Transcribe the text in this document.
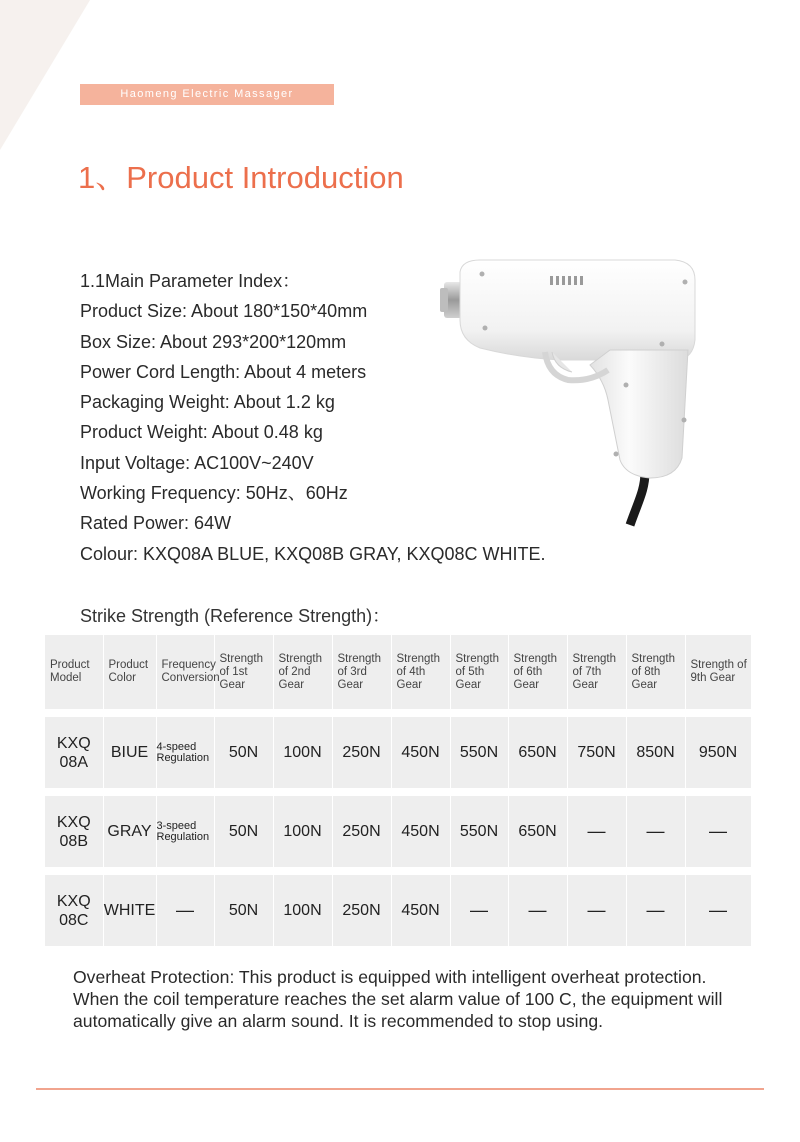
Haomeng Electric Massager
1、Product Introduction
1.1Main Parameter Index：
Product Size: About 180*150*40mm
Box Size: About 293*200*120mm
Power Cord Length: About 4 meters
Packaging Weight: About 1.2 kg
Product Weight: About 0.48 kg
Input Voltage: AC100V~240V
Working Frequency: 50Hz、60Hz
Rated Power: 64W
Colour: KXQ08A BLUE, KXQ08B GRAY, KXQ08C WHITE.

Strike Strength (Reference Strength)：

Product Model	Product Color	Frequency Conversion	Strength of 1st Gear	Strength of 2nd Gear	Strength of 3rd Gear	Strength of 4th Gear	Strength of 5th Gear	Strength of 6th Gear	Strength of 7th Gear	Strength of 8th Gear	Strength of 9th Gear

KXQ 08A	BIUE	4-speed Regulation	50N	100N	250N	450N	550N	650N	750N	850N	950N

KXQ 08B	GRAY	3-speed Regulation	50N	100N	250N	450N	550N	650N	—	—	—

KXQ 08C	WHITE	—	50N	100N	250N	450N	—	—	—	—	—

Overheat Protection: This product is equipped with intelligent overheat protection. When the coil temperature reaches the set alarm value of 100 C, the equipment will automatically give an alarm sound. It is recommended to stop using.
